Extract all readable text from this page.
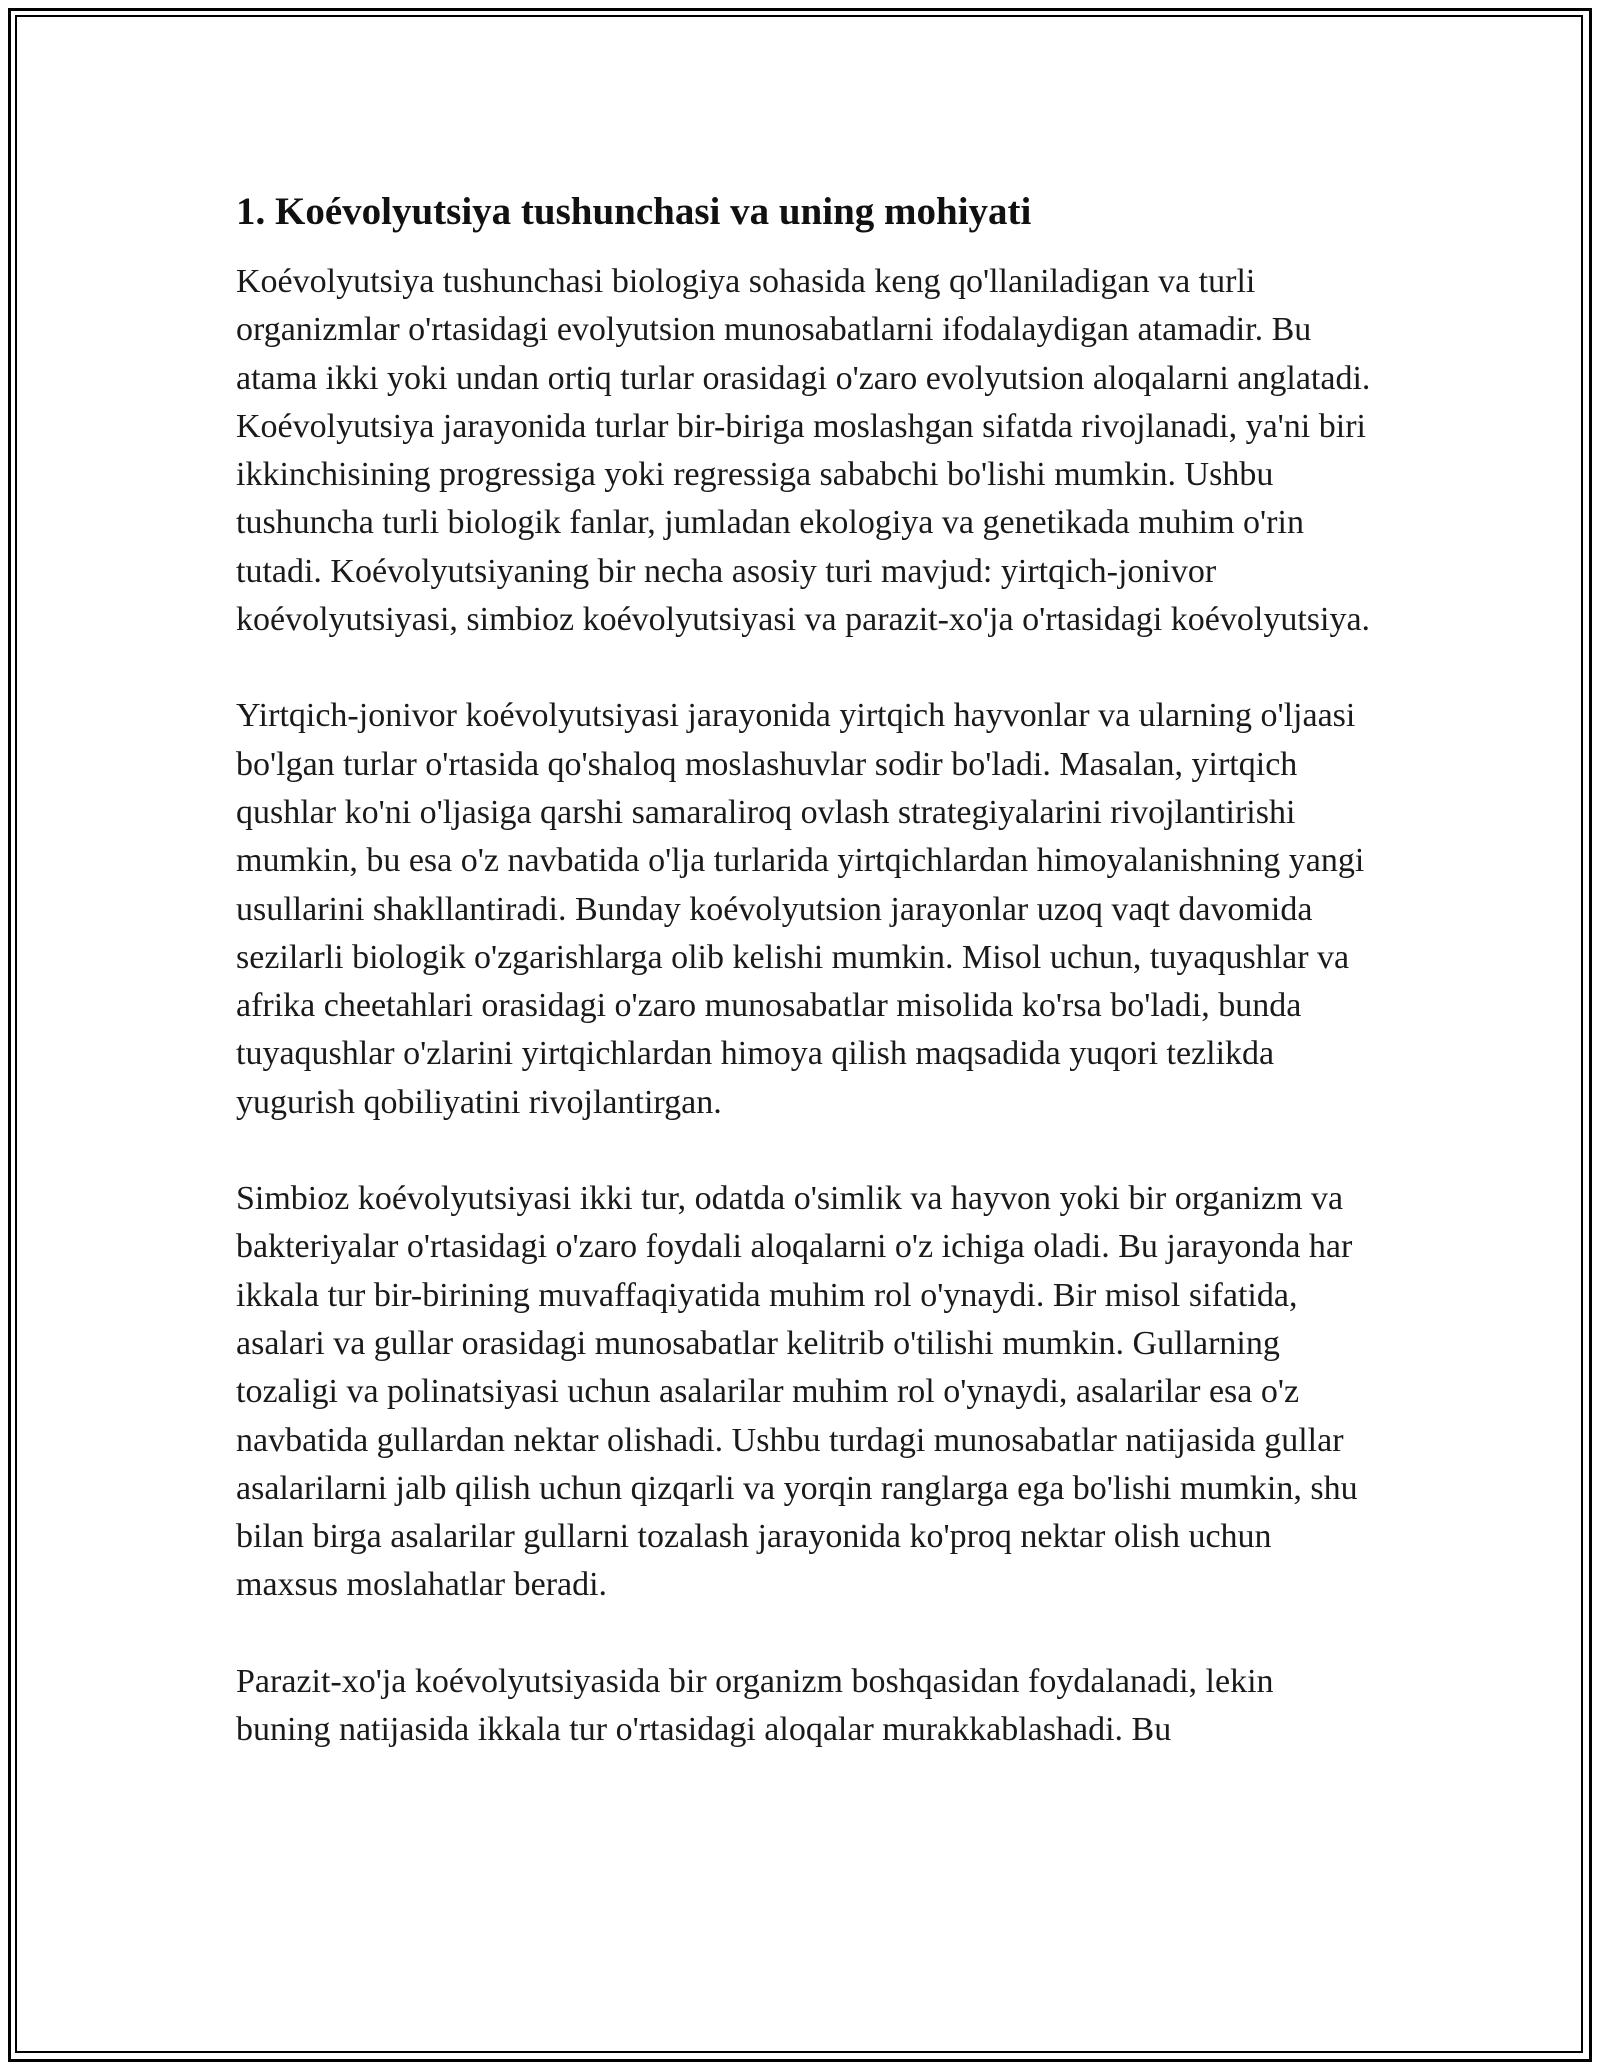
1. Koévolyutsiya tushunchasi va uning mohiyati

Koévolyutsiya tushunchasi biologiya sohasida keng qo'llaniladigan va turli organizmlar o'rtasidagi evolyutsion munosabatlarni ifodalaydigan atamadir. Bu atama ikki yoki undan ortiq turlar orasidagi o'zaro evolyutsion aloqalarni anglatadi. Koévolyutsiya jarayonida turlar bir-biriga moslashgan sifatda rivojlanadi, ya'ni biri ikkinchisining progressiga yoki regressiga sababchi bo'lishi mumkin. Ushbu tushuncha turli biologik fanlar, jumladan ekologiya va genetikada muhim o'rin tutadi. Koévolyutsiyaning bir necha asosiy turi mavjud: yirtqich-jonivor koévolyutsiyasi, simbioz koévolyutsiyasi va parazit-xo'ja o'rtasidagi koévolyutsiya.

Yirtqich-jonivor koévolyutsiyasi jarayonida yirtqich hayvonlar va ularning o'ljaasi bo'lgan turlar o'rtasida qo'shaloq moslashuvlar sodir bo'ladi. Masalan, yirtqich qushlar ko'ni o'ljasiga qarshi samaraliroq ovlash strategiyalarini rivojlantirishi mumkin, bu esa o'z navbatida o'lja turlarida yirtqichlardan himoyalanishning yangi usullarini shakllantiradi. Bunday koévolyutsion jarayonlar uzoq vaqt davomida sezilarli biologik o'zgarishlarga olib kelishi mumkin. Misol uchun, tuyaqushlar va afrika cheetahlari orasidagi o'zaro munosabatlar misolida ko'rsa bo'ladi, bunda tuyaqushlar o'zlarini yirtqichlardan himoya qilish maqsadida yuqori tezlikda yugurish qobiliyatini rivojlantirgan.

Simbioz koévolyutsiyasi ikki tur, odatda o'simlik va hayvon yoki bir organizm va bakteriyalar o'rtasidagi o'zaro foydali aloqalarni o'z ichiga oladi. Bu jarayonda har ikkala tur bir-birining muvaffaqiyatida muhim rol o'ynaydi. Bir misol sifatida, asalari va gullar orasidagi munosabatlar kelitrib o'tilishi mumkin. Gullarning tozaligi va polinatsiyasi uchun asalarilar muhim rol o'ynaydi, asalarilar esa o'z navbatida gullardan nektar olishadi. Ushbu turdagi munosabatlar natijasida gullar asalarilarni jalb qilish uchun qizqarli va yorqin ranglarga ega bo'lishi mumkin, shu bilan birga asalarilar gullarni tozalash jarayonida ko'proq nektar olish uchun maxsus moslahatlar beradi.

Parazit-xo'ja koévolyutsiyasida bir organizm boshqasidan foydalanadi, lekin buning natijasida ikkala tur o'rtasidagi aloqalar murakkablashadi. Bu
